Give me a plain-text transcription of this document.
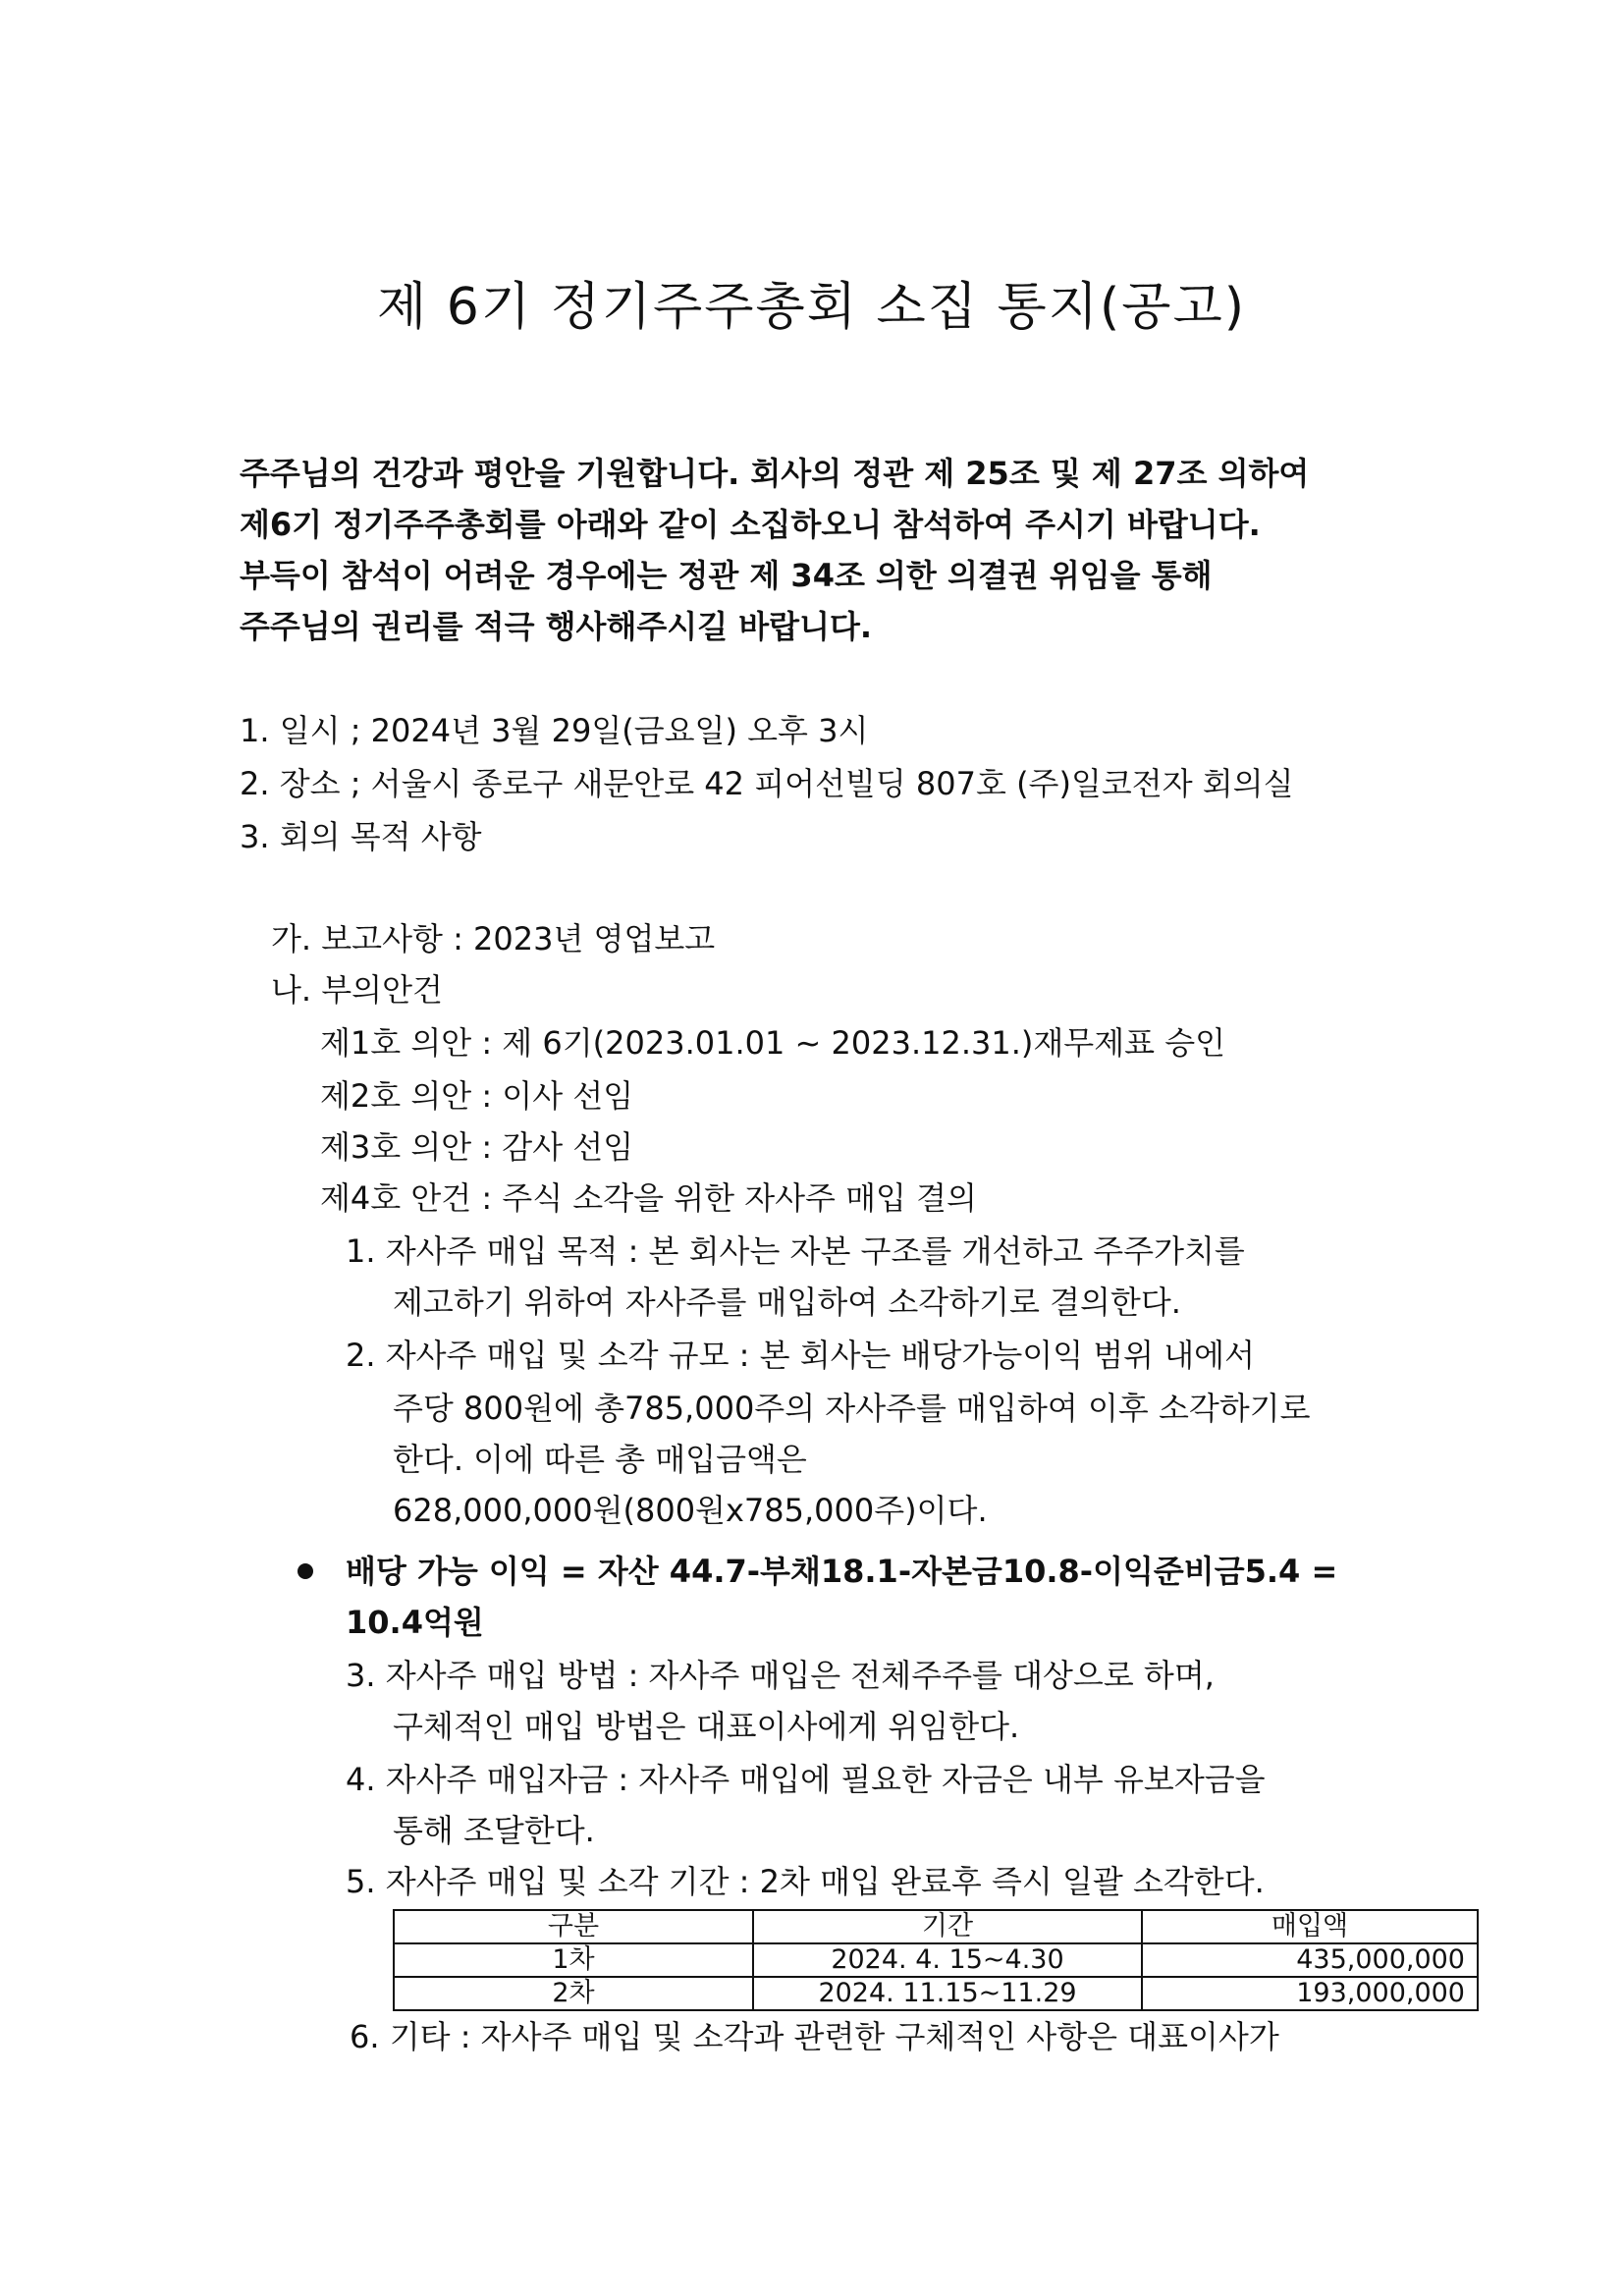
제 6기 정기주주총회 소집 통지(공고)
주주님의 건강과 평안을 기원합니다. 회사의 정관 제 25조 및 제 27조 의하여
제6기 정기주주총회를 아래와 같이 소집하오니 참석하여 주시기 바랍니다.
부득이 참석이 어려운 경우에는 정관 제 34조 의한 의결권 위임을 통해
주주님의 권리를 적극 행사해주시길 바랍니다.
1. 일시 ; 2024년 3월 29일(금요일) 오후 3시
2. 장소 ; 서울시 종로구 새문안로 42 피어선빌딩 807호 (주)일코전자 회의실
3. 회의 목적 사항
가. 보고사항 : 2023년 영업보고
나. 부의안건
제1호 의안 : 제 6기(2023.01.01 ~ 2023.12.31.)재무제표 승인
제2호 의안 : 이사 선임
제3호 의안 : 감사 선임
제4호 안건 : 주식 소각을 위한 자사주 매입 결의
1. 자사주 매입 목적 : 본 회사는 자본 구조를 개선하고 주주가치를
제고하기 위하여 자사주를 매입하여 소각하기로 결의한다.
2. 자사주 매입 및 소각 규모 : 본 회사는 배당가능이익 범위 내에서
주당 800원에 총785,000주의 자사주를 매입하여 이후 소각하기로
한다. 이에 따른 총 매입금액은
628,000,000원(800원x785,000주)이다.
배당 가능 이익 = 자산 44.7-부채18.1-자본금10.8-이익준비금5.4 =
10.4억원
3. 자사주 매입 방법 : 자사주 매입은 전체주주를 대상으로 하며,
구체적인 매입 방법은 대표이사에게 위임한다.
4. 자사주 매입자금 : 자사주 매입에 필요한 자금은 내부 유보자금을
통해 조달한다.
5. 자사주 매입 및 소각 기간 : 2차 매입 완료후 즉시 일괄 소각한다.
구분	기간	매입액
1차	2024. 4. 15~4.30	435,000,000
2차	2024. 11.15~11.29	193,000,000
6. 기타 : 자사주 매입 및 소각과 관련한 구체적인 사항은 대표이사가
